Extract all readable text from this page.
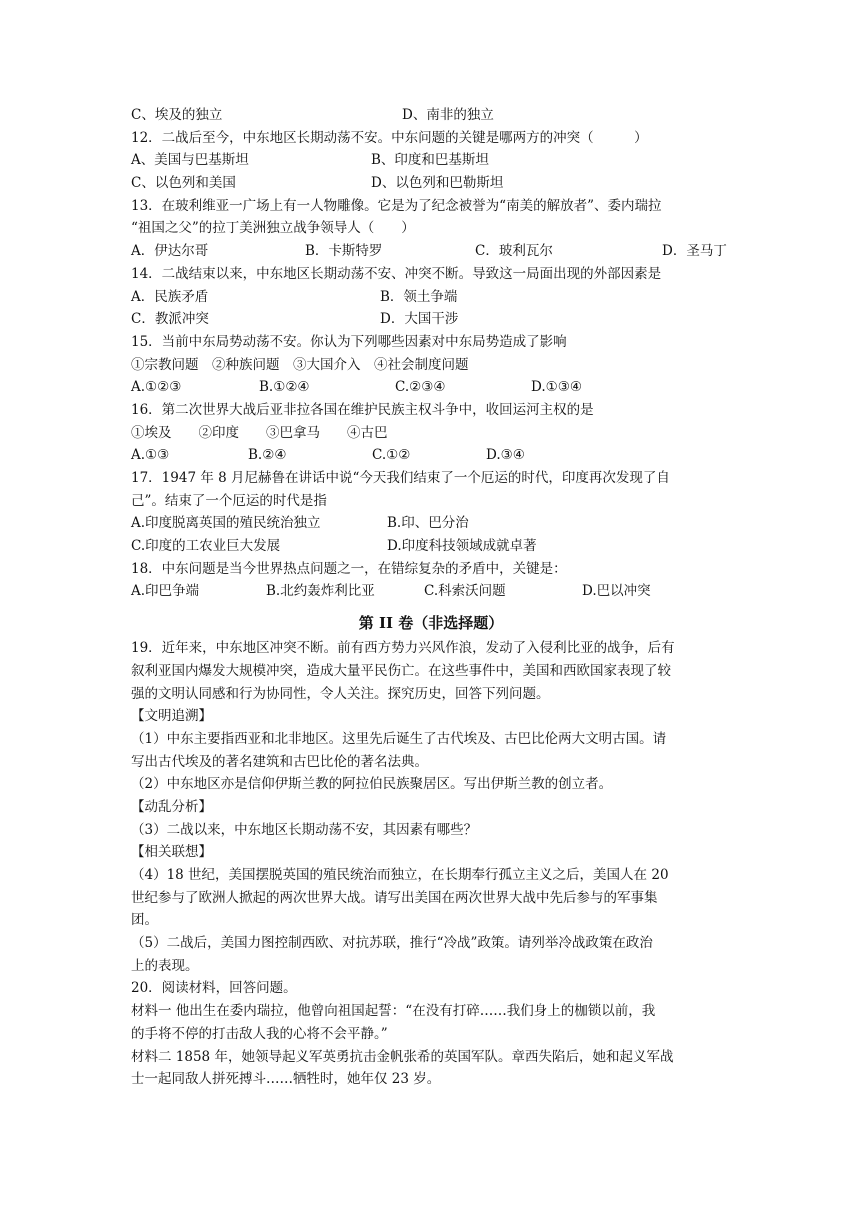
C、埃及的独立	D、南非的独立
12．二战后至今，中东地区长期动荡不安。中东问题的关键是哪两方的冲突（　　　）
A、美国与巴基斯坦	B、印度和巴基斯坦
C、以色列和美国	D、以色列和巴勒斯坦
13．在玻利维亚一广场上有一人物雕像。它是为了纪念被誉为“南美的解放者”、委内瑞拉
“祖国之父”的拉丁美洲独立战争领导人（　　）
A．伊达尔哥	B．卡斯特罗	C．玻利瓦尔	D．圣马丁
14．二战结束以来，中东地区长期动荡不安、冲突不断。导致这一局面出现的外部因素是
A．民族矛盾	B．领土争端
C．教派冲突	D．大国干涉
15．当前中东局势动荡不安。你认为下列哪些因素对中东局势造成了影响
①宗教问题　②种族问题　③大国介入　④社会制度问题
A.①②③	B.①②④	C.②③④	D.①③④
16．第二次世界大战后亚非拉各国在维护民族主权斗争中，收回运河主权的是
①埃及　　②印度　　③巴拿马　　④古巴
A.①③	B.②④	C.①②	D.③④
17．1947 年 8 月尼赫鲁在讲话中说“今天我们结束了一个厄运的时代，印度再次发现了自
己”。结束了一个厄运的时代是指
A.印度脱离英国的殖民统治独立	B.印、巴分治
C.印度的工农业巨大发展	D.印度科技领域成就卓著
18．中东问题是当今世界热点问题之一，在错综复杂的矛盾中，关键是：
A.印巴争端	B.北约轰炸利比亚	C.科索沃问题	D.巴以冲突
第 II 卷（非选择题）
19．近年来，中东地区冲突不断。前有西方势力兴风作浪，发动了入侵利比亚的战争，后有
叙利亚国内爆发大规模冲突，造成大量平民伤亡。在这些事件中，美国和西欧国家表现了较
强的文明认同感和行为协同性，令人关注。探究历史，回答下列问题。
【文明追溯】
（1）中东主要指西亚和北非地区。这里先后诞生了古代埃及、古巴比伦两大文明古国。请
写出古代埃及的著名建筑和古巴比伦的著名法典。
（2）中东地区亦是信仰伊斯兰教的阿拉伯民族聚居区。写出伊斯兰教的创立者。
【动乱分析】
（3）二战以来，中东地区长期动荡不安，其因素有哪些？
【相关联想】
（4）18 世纪，美国摆脱英国的殖民统治而独立，在长期奉行孤立主义之后，美国人在 20
世纪参与了欧洲人掀起的两次世界大战。请写出美国在两次世界大战中先后参与的军事集
团。
（5）二战后，美国力图控制西欧、对抗苏联，推行“冷战”政策。请列举冷战政策在政治
上的表现。
20．阅读材料，回答问题。
材料一 他出生在委内瑞拉，他曾向祖国起誓：“在没有打碎……我们身上的枷锁以前，我
的手将不停的打击敌人我的心将不会平静。”
材料二 1858 年，她领导起义军英勇抗击金帆张希的英国军队。章西失陷后，她和起义军战
士一起同敌人拼死搏斗……牺牲时，她年仅 23 岁。
